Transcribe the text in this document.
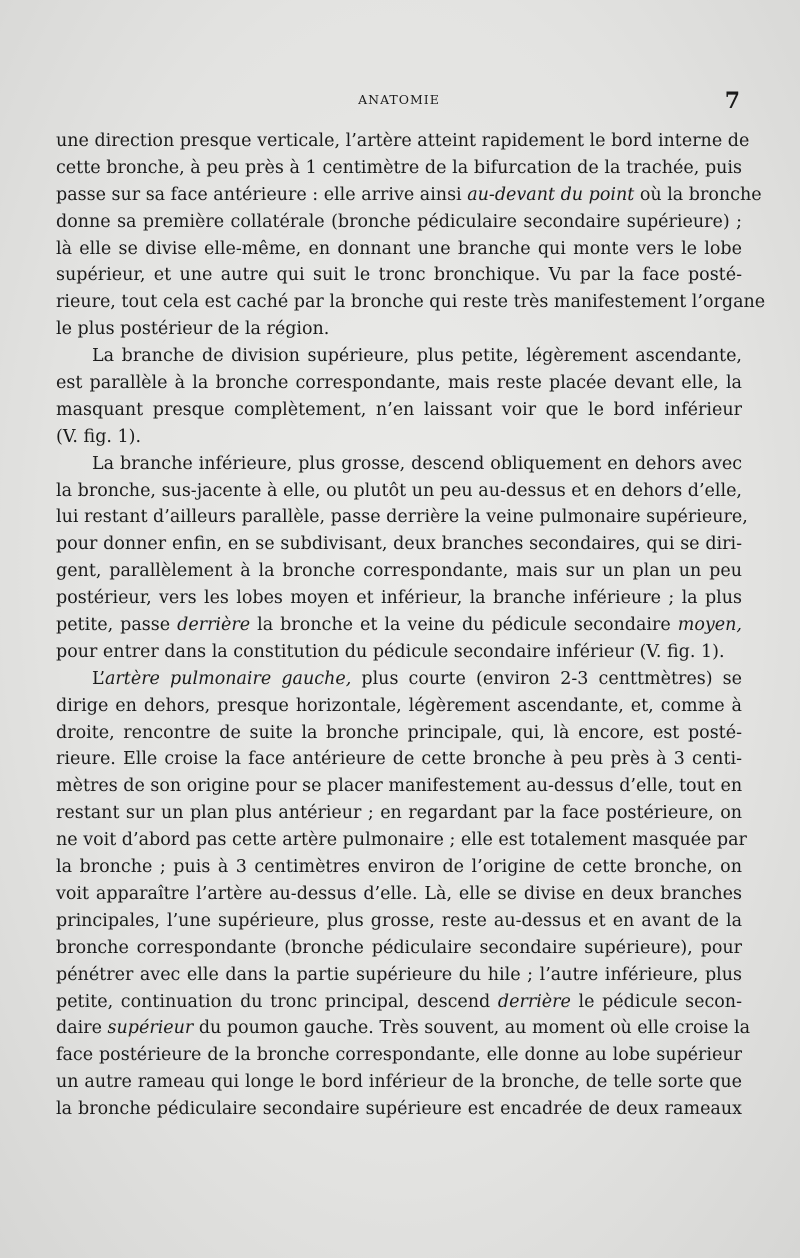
ANATOMIE	7
une direction presque verticale, l’artère atteint rapidement le bord interne de
cette bronche, à peu près à 1 centimètre de la bifurcation de la trachée, puis
passe sur sa face antérieure : elle arrive ainsi au-devant du point où la bronche
donne sa première collatérale (bronche pédiculaire secondaire supérieure) ;
là elle se divise elle-même, en donnant une branche qui monte vers le lobe
supérieur, et une autre qui suit le tronc bronchique. Vu par la face posté-
rieure, tout cela est caché par la bronche qui reste très manifestement l’organe
le plus postérieur de la région.
La branche de division supérieure, plus petite, légèrement ascendante,
est parallèle à la bronche correspondante, mais reste placée devant elle, la
masquant presque complètement, n’en laissant voir que le bord inférieur
(V. fig. 1).
La branche inférieure, plus grosse, descend obliquement en dehors avec
la bronche, sus-jacente à elle, ou plutôt un peu au-dessus et en dehors d’elle,
lui restant d’ailleurs parallèle, passe derrière la veine pulmonaire supérieure,
pour donner enfin, en se subdivisant, deux branches secondaires, qui se diri-
gent, parallèlement à la bronche correspondante, mais sur un plan un peu
postérieur, vers les lobes moyen et inférieur, la branche inférieure ; la plus
petite, passe derrière la bronche et la veine du pédicule secondaire moyen,
pour entrer dans la constitution du pédicule secondaire inférieur (V. fig. 1).
L’artère pulmonaire gauche, plus courte (environ 2-3 centtmètres) se
dirige en dehors, presque horizontale, légèrement ascendante, et, comme à
droite, rencontre de suite la bronche principale, qui, là encore, est posté-
rieure. Elle croise la face antérieure de cette bronche à peu près à 3 centi-
mètres de son origine pour se placer manifestement au-dessus d’elle, tout en
restant sur un plan plus antérieur ; en regardant par la face postérieure, on
ne voit d’abord pas cette artère pulmonaire ; elle est totalement masquée par
la bronche ; puis à 3 centimètres environ de l’origine de cette bronche, on
voit apparaître l’artère au-dessus d’elle. Là, elle se divise en deux branches
principales, l’une supérieure, plus grosse, reste au-dessus et en avant de la
bronche correspondante (bronche pédiculaire secondaire supérieure), pour
pénétrer avec elle dans la partie supérieure du hile ; l’autre inférieure, plus
petite, continuation du tronc principal, descend derrière le pédicule secon-
daire supérieur du poumon gauche. Très souvent, au moment où elle croise la
face postérieure de la bronche correspondante, elle donne au lobe supérieur
un autre rameau qui longe le bord inférieur de la bronche, de telle sorte que
la bronche pédiculaire secondaire supérieure est encadrée de deux rameaux
